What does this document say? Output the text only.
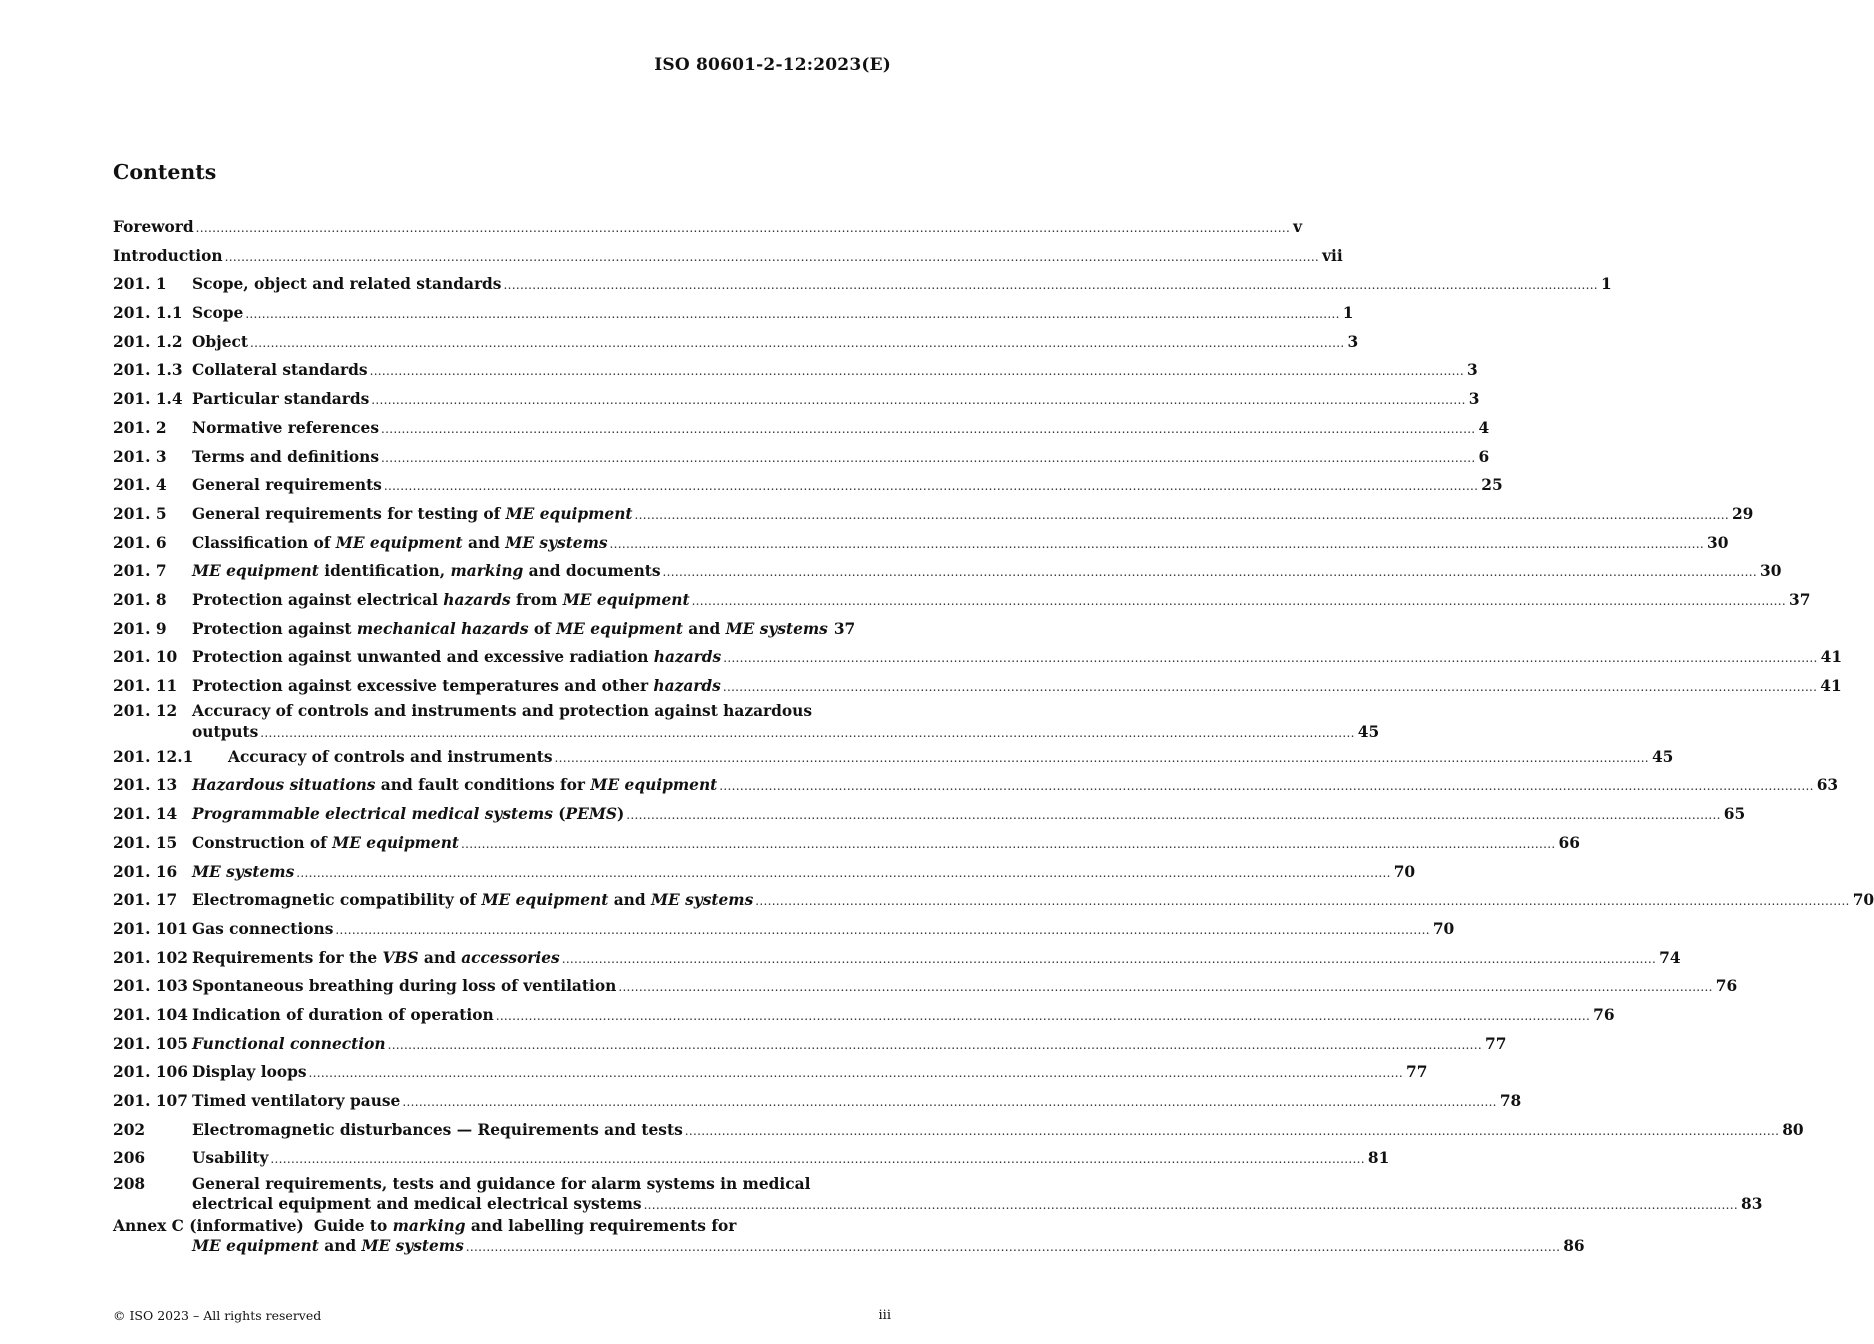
ISO 80601-2-12:2023(E)
Contents
Foreword .......................................................................................................................................................................................................................................................................... v
Introduction .......................................................................................................................................................................................................................................................................... vii
201. 1	Scope, object and related standards .......................................................................................................................................................................................................................................................................... 1
201. 1.1 Scope .......................................................................................................................................................................................................................................................................... 1
201. 1.2 Object .......................................................................................................................................................................................................................................................................... 3
201. 1.3 Collateral standards .......................................................................................................................................................................................................................................................................... 3
201. 1.4 Particular standards .......................................................................................................................................................................................................................................................................... 3
201. 2	Normative references .......................................................................................................................................................................................................................................................................... 4
201. 3	Terms and definitions .......................................................................................................................................................................................................................................................................... 6
201. 4	General requirements .......................................................................................................................................................................................................................................................................... 25
201. 5	General requirements for testing of ME equipment .......................................................................................................................................................................................................................................................................... 29
201. 6	Classification of ME equipment and ME systems .......................................................................................................................................................................................................................................................................... 30
201. 7	ME equipment identification, marking and documents .......................................................................................................................................................................................................................................................................... 30
201. 8	Protection against electrical hazards from ME equipment .......................................................................................................................................................................................................................................................................... 37
201. 9	Protection against mechanical hazards of ME equipment and ME systems 37
201. 10 Protection against unwanted and excessive radiation hazards .......................................................................................................................................................................................................................................................................... 41
201. 11 Protection against excessive temperatures and other hazards .......................................................................................................................................................................................................................................................................... 41
201. 12 Accuracy of controls and instruments and protection against hazardous
outputs .......................................................................................................................................................................................................................................................................... 45
201. 12.1	Accuracy of controls and instruments .......................................................................................................................................................................................................................................................................... 45
201. 13 Hazardous situations and fault conditions for ME equipment .......................................................................................................................................................................................................................................................................... 63
201. 14 Programmable electrical medical systems (PEMS) .......................................................................................................................................................................................................................................................................... 65
201. 15 Construction of ME equipment .......................................................................................................................................................................................................................................................................... 66
201. 16 ME systems .......................................................................................................................................................................................................................................................................... 70
201. 17 Electromagnetic compatibility of ME equipment and ME systems .......................................................................................................................................................................................................................................................................... 70
201. 101 Gas connections .......................................................................................................................................................................................................................................................................... 70
201. 102 Requirements for the VBS and accessories .......................................................................................................................................................................................................................................................................... 74
201. 103 Spontaneous breathing during loss of ventilation .......................................................................................................................................................................................................................................................................... 76
201. 104 Indication of duration of operation .......................................................................................................................................................................................................................................................................... 76
201. 105 Functional connection .......................................................................................................................................................................................................................................................................... 77
201. 106 Display loops .......................................................................................................................................................................................................................................................................... 77
201. 107 Timed ventilatory pause .......................................................................................................................................................................................................................................................................... 78
202	Electromagnetic disturbances — Requirements and tests .......................................................................................................................................................................................................................................................................... 80
206	Usability .......................................................................................................................................................................................................................................................................... 81
208	General requirements, tests and guidance for alarm systems in medical
electrical equipment and medical electrical systems .......................................................................................................................................................................................................................................................................... 83
Annex C (informative) Guide to marking and labelling requirements for
ME equipment and ME systems .......................................................................................................................................................................................................................................................................... 86
© ISO 2023 – All rights reserved	iii
